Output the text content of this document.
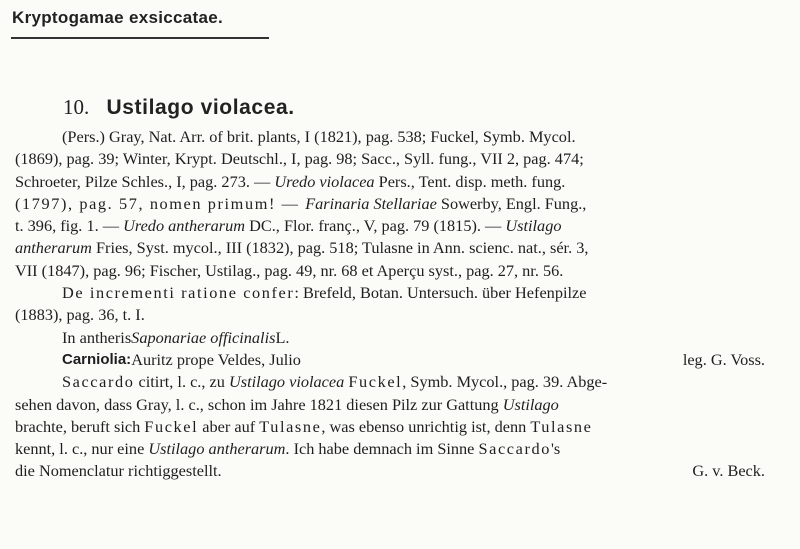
Kryptogamae exsiccatae.
10. Ustilago violacea.
(Pers.) Gray, Nat. Arr. of brit. plants, I (1821), pag. 538; Fuckel, Symb. Mycol.
(1869), pag. 39; Winter, Krypt. Deutschl., I, pag. 98; Sacc., Syll. fung., VII 2, pag. 474;
Schroeter, Pilze Schles., I, pag. 273. — Uredo violacea Pers., Tent. disp. meth. fung.
(1797), pag. 57, nomen primum! — Farinaria Stellariae Sowerby, Engl. Fung.,
t. 396, fig. 1. — Uredo antherarum DC., Flor. franç., V, pag. 79 (1815). — Ustilago
antherarum Fries, Syst. mycol., III (1832), pag. 518; Tulasne in Ann. scienc. nat., sér. 3,
VII (1847), pag. 96; Fischer, Ustilag., pag. 49, nr. 68 et Aperçu syst., pag. 27, nr. 56.
De incrementi ratione confer : Brefeld, Botan. Untersuch. über Hefenpilze
(1883), pag. 36, t. I.
In antheris Saponariae officinalis L.
Carniolia: Auritz prope Veldes, Julio	leg. G. Voss.
Saccardo citirt, l. c., zu Ustilago violacea Fuckel, Symb. Mycol., pag. 39. Abge-
sehen davon, dass Gray, l. c., schon im Jahre 1821 diesen Pilz zur Gattung Ustilago
brachte, beruft sich Fuckel aber auf Tulasne, was ebenso unrichtig ist, denn Tulasne
kennt, l. c., nur eine Ustilago antherarum. Ich habe demnach im Sinne Saccardo's
die Nomenclatur richtiggestellt.	G. v. Beck.
